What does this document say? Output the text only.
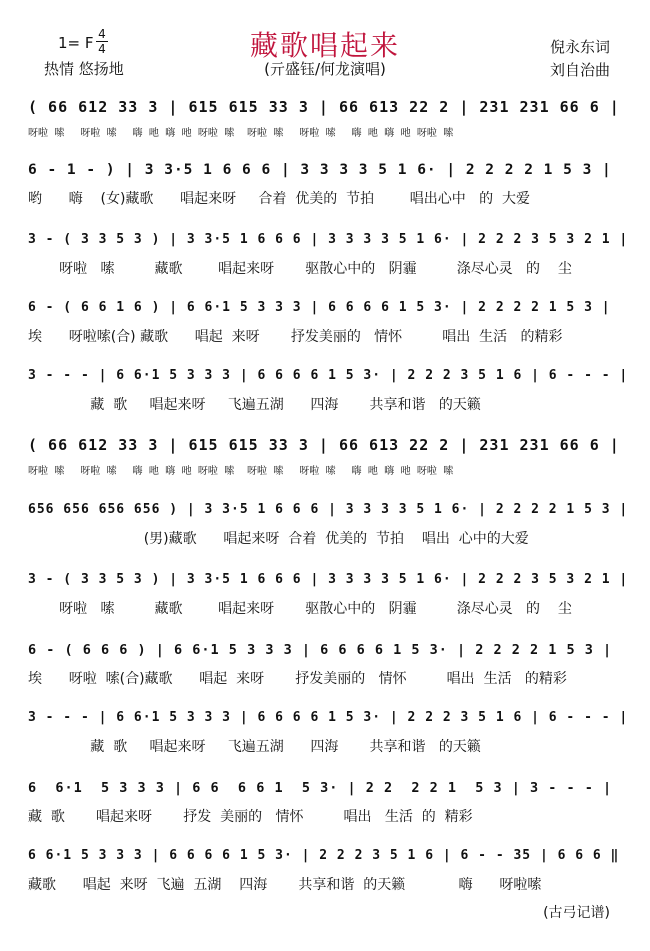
藏歌唱起来
1= F 4
4
热情 悠扬地	(亓盛钰/何龙演唱)
倪永东词
刘自治曲
( 66 612 33 3 | 615 615 33 3 | 66 613 22 2 | 231 231 66 6 |
呀啦  嗦     呀啦  嗦     嗨  吔  嗨  吔  呀啦  嗦    呀啦  嗦     呀啦  嗦     嗨  吔  嗨  吔  呀啦  嗦
6 - 1 - ) | 3 3·5 1 6 6 6 | 3 3 3 3 5 1 6· | 2 2 2 2 1 5 3 |
哟      嗨    (女)藏歌      唱起来呀     合着  优美的  节拍        唱出心中   的  大爱
3 - ( 3 3 5 3 ) | 3 3·5 1 6 6 6 | 3 3 3 3 5 1 6· | 2 2 2 3 5 3 2 1 |
呀啦   嗦         藏歌        唱起来呀       驱散心中的   阴霾         涤尽心灵   的    尘
6 - ( 6 6 1 6 ) | 6 6·1 5 3 3 3 | 6 6 6 6 1 5 3· | 2 2 2 2 1 5 3 |
埃      呀啦嗦(合) 藏歌      唱起  来呀       抒发美丽的   情怀         唱出  生活   的精彩
3 - - - | 6 6·1 5 3 3 3 | 6 6 6 6 1 5 3· | 2 2 2 3 5 1 6 | 6 - - - |
藏  歌     唱起来呀     飞遍五湖      四海       共享和谐   的天籁
( 66 612 33 3 | 615 615 33 3 | 66 613 22 2 | 231 231 66 6 |
呀啦  嗦     呀啦  嗦     嗨  吔  嗨  吔  呀啦  嗦    呀啦  嗦     呀啦  嗦     嗨  吔  嗨  吔  呀啦  嗦
656 656 656 656 ) | 3 3·5 1 6 6 6 | 3 3 3 3 5 1 6· | 2 2 2 2 1 5 3 |
(男)藏歌      唱起来呀  合着  优美的  节拍    唱出  心中的大爱
3 - ( 3 3 5 3 ) | 3 3·5 1 6 6 6 | 3 3 3 3 5 1 6· | 2 2 2 3 5 3 2 1 |
呀啦   嗦         藏歌        唱起来呀       驱散心中的   阴霾         涤尽心灵   的    尘
6 - ( 6 6 6 ) | 6 6·1 5 3 3 3 | 6 6 6 6 1 5 3· | 2 2 2 2 1 5 3 |
埃      呀啦  嗦(合)藏歌      唱起  来呀       抒发美丽的   情怀         唱出  生活   的精彩
3 - - - | 6 6·1 5 3 3 3 | 6 6 6 6 1 5 3· | 2 2 2 3 5 1 6 | 6 - - - |
藏  歌     唱起来呀     飞遍五湖      四海       共享和谐   的天籁
6  6·1  5 3 3 3 | 6 6  6 6 1  5 3· | 2 2  2 2 1  5 3 | 3 - - - |
藏  歌       唱起来呀       抒发  美丽的   情怀         唱出   生活  的  精彩
6 6·1 5 3 3 3 | 6 6 6 6 1 5 3· | 2 2 2 3 5 1 6 | 6 - - 35 | 6 6 6 ‖
藏歌      唱起  来呀  飞遍  五湖    四海       共享和谐  的天籁            嗨      呀啦嗦
(古弓记谱)
